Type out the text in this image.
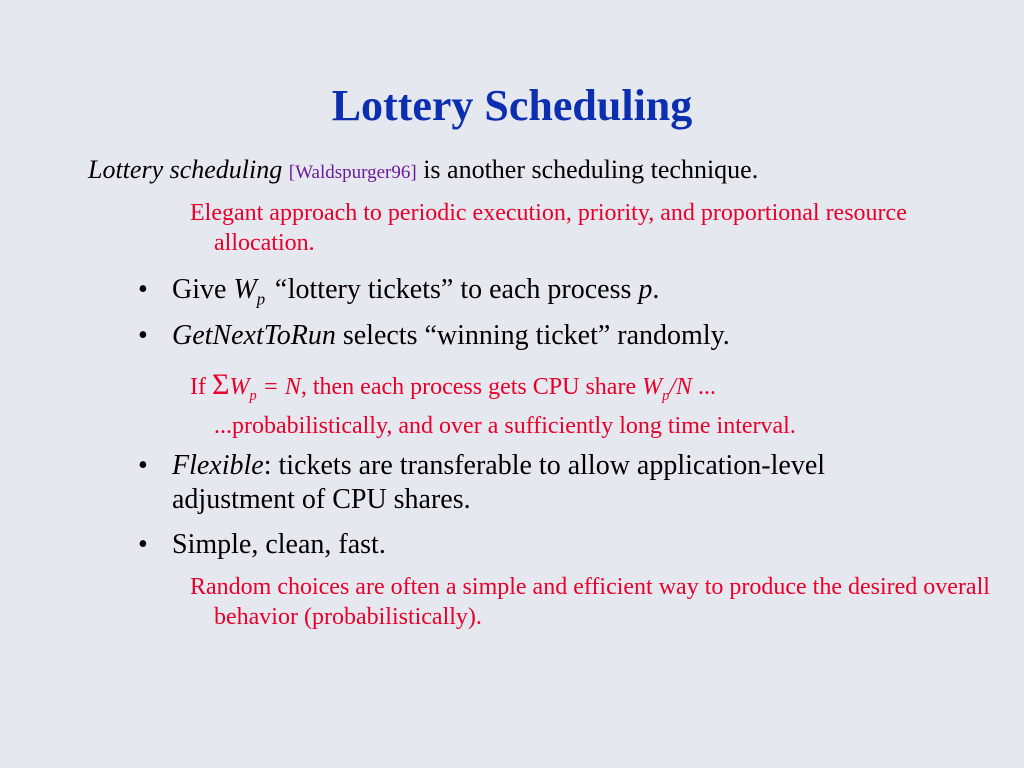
Lottery Scheduling
Lottery scheduling [Waldspurger96] is another scheduling technique.
Elegant approach to periodic execution, priority, and proportional resource allocation.
• Give $W_p$ “lottery tickets” to each process p.

• GetNextToRun selects “winning ticket” randomly.

If $\Sigma W_p = N$, then each process gets CPU share $W_p/N$ ...
...probabilistically, and over a sufficiently long time interval.
• Flexible: tickets are transferable to allow application-level adjustment of CPU shares.

• Simple, clean, fast.

Random choices are often a simple and efficient way to produce the desired overall behavior (probabilistically).
